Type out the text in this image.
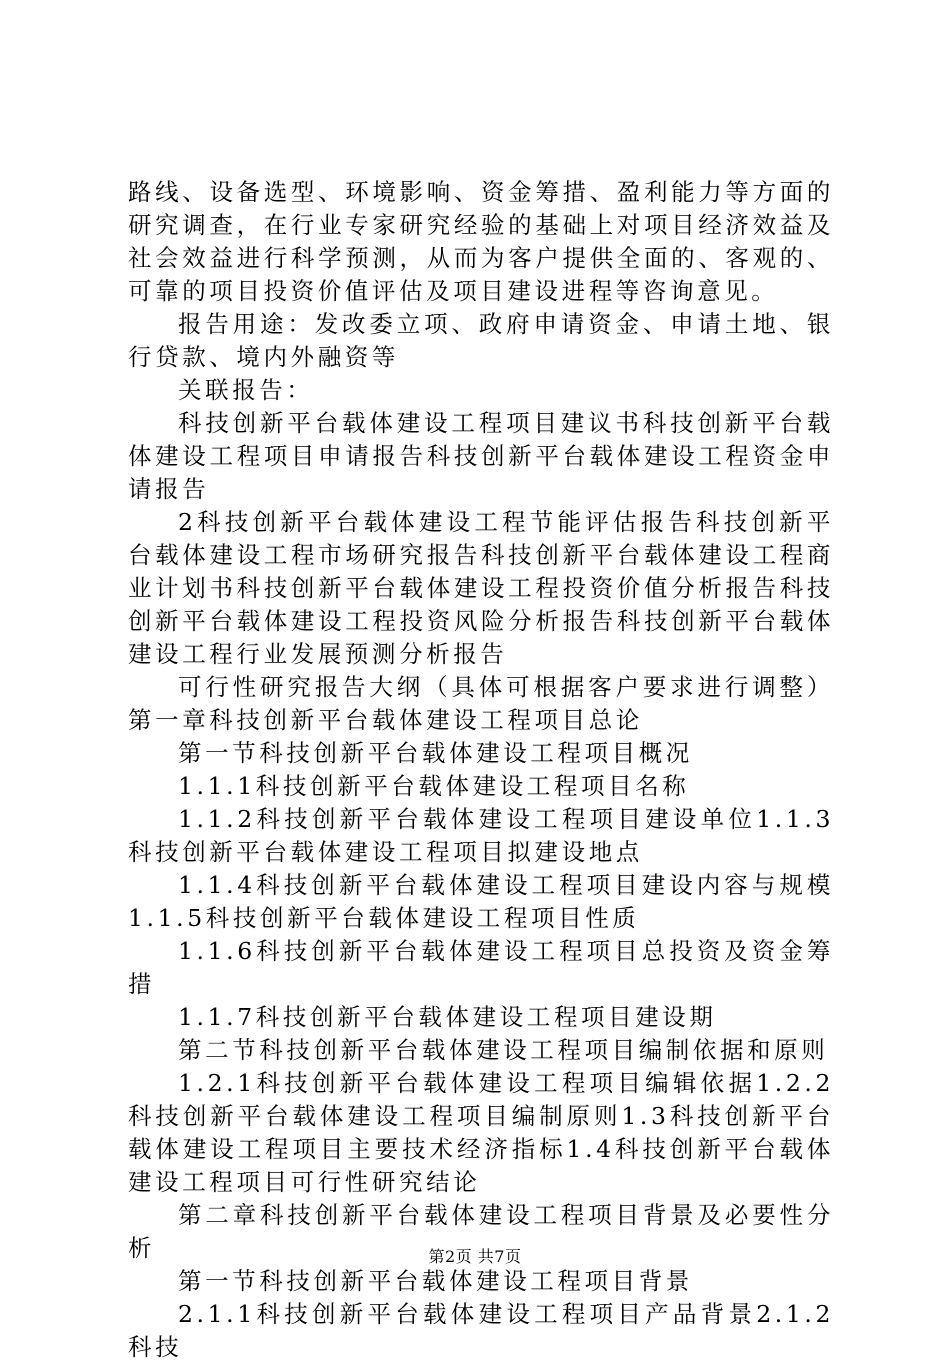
路线、设备选型、环境影响、资金筹措、盈利能力等方面的研究调查，在行业专家研究经验的基础上对项目经济效益及社会效益进行科学预测，从而为客户提供全面的、客观的、可靠的项目投资价值评估及项目建设进程等咨询意见。

报告用途：发改委立项、政府申请资金、申请土地、银行贷款、境内外融资等

关联报告：

科技创新平台载体建设工程项目建议书科技创新平台载体建设工程项目申请报告科技创新平台载体建设工程资金申请报告

2科技创新平台载体建设工程节能评估报告科技创新平台载体建设工程市场研究报告科技创新平台载体建设工程商业计划书科技创新平台载体建设工程投资价值分析报告科技创新平台载体建设工程投资风险分析报告科技创新平台载体建设工程行业发展预测分析报告

可行性研究报告大纲（具体可根据客户要求进行调整）第一章科技创新平台载体建设工程项目总论

第一节科技创新平台载体建设工程项目概况

1.1.1科技创新平台载体建设工程项目名称

1.1.2科技创新平台载体建设工程项目建设单位1.1.3科技创新平台载体建设工程项目拟建设地点

1.1.4科技创新平台载体建设工程项目建设内容与规模1.1.5科技创新平台载体建设工程项目性质

1.1.6科技创新平台载体建设工程项目总投资及资金筹措

1.1.7科技创新平台载体建设工程项目建设期

第二节科技创新平台载体建设工程项目编制依据和原则

1.2.1科技创新平台载体建设工程项目编辑依据1.2.2科技创新平台载体建设工程项目编制原则1.3科技创新平台载体建设工程项目主要技术经济指标1.4科技创新平台载体建设工程项目可行性研究结论

第二章科技创新平台载体建设工程项目背景及必要性分析

第一节科技创新平台载体建设工程项目背景

2.1.1科技创新平台载体建设工程项目产品背景2.1.2科技

第2页 共7页
